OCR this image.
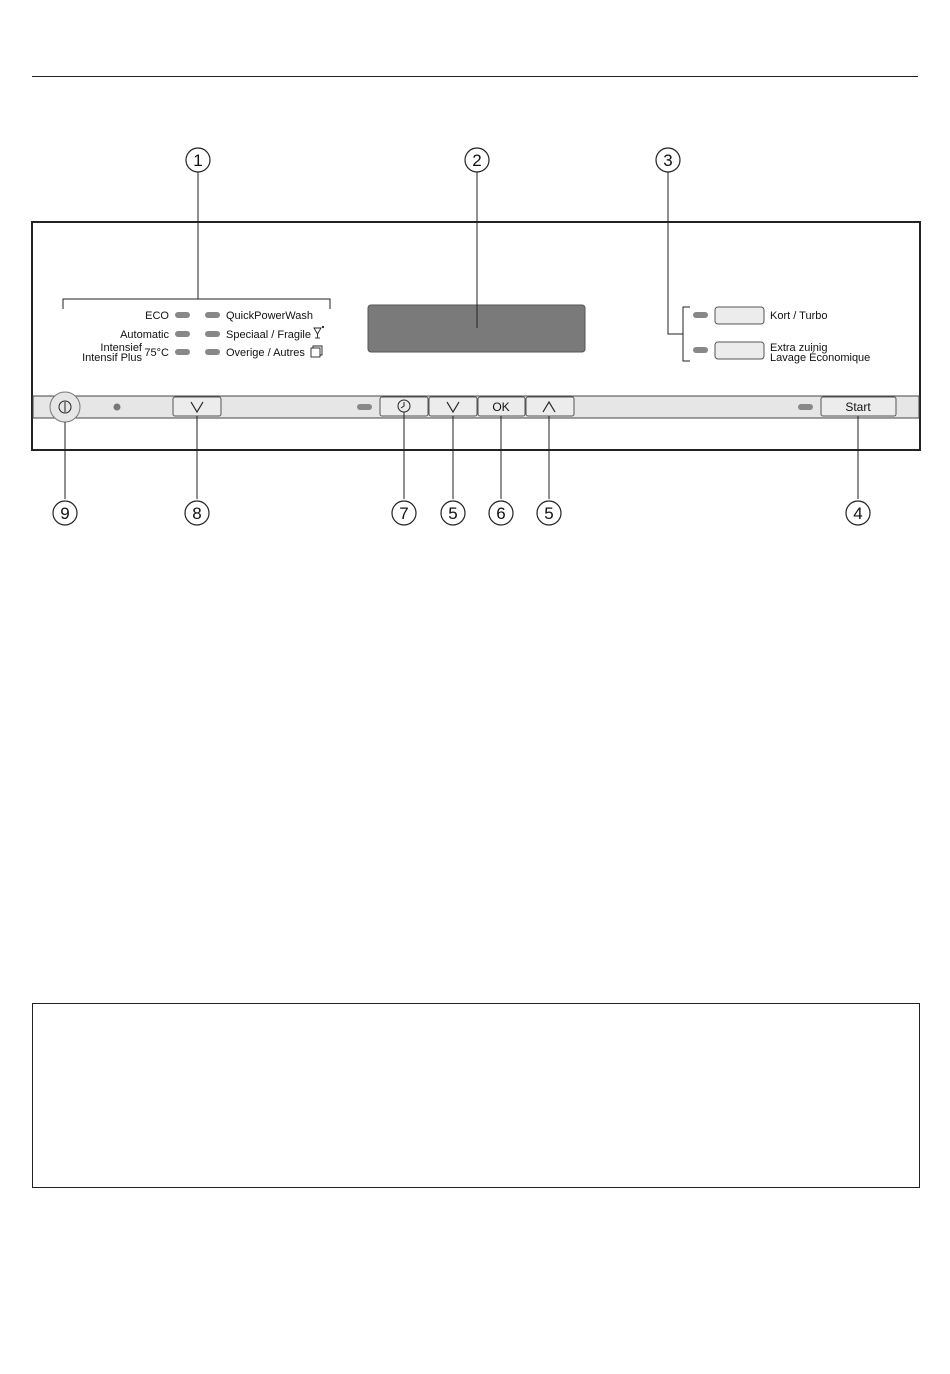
ECO
Automatic
Intensief
Intensif Plus 75°C
QuickPowerWash
Speciaal / Fragile
Overige / Autres
Kort / Turbo
Extra zuinig
Lavage Économique
OK	Start
1	2	3
9	8	7 5 6 5	4
